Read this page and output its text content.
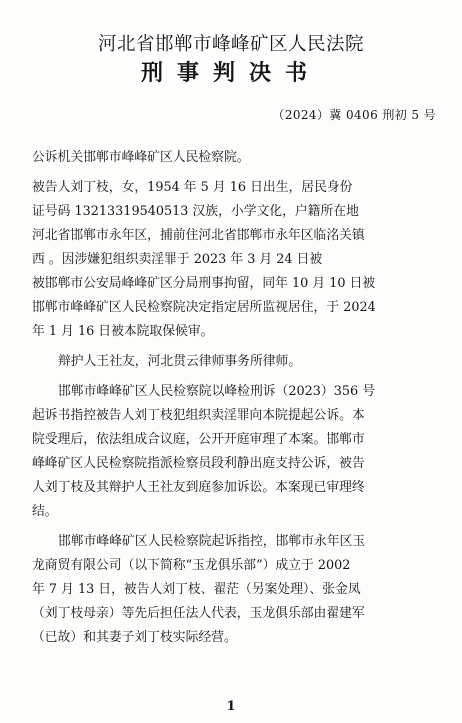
河北省邯郸市峰峰矿区人民法院
刑事判决书
（2024）冀 0406 刑初 5 号
公诉机关邯郸市峰峰矿区人民检察院。
被告人刘丁枝，女，1954 年 5 月 16 日出生，居民身份
证号码 13213319540513 汉族，小学文化，户籍所在地
河北省邯郸市永年区，捕前住河北省邯郸市永年区临洺关镇
西 。因涉嫌犯组织卖淫罪于 2023 年 3 月 24 日被
被邯郸市公安局峰峰矿区分局刑事拘留，同年 10 月 10 日被
邯郸市峰峰矿区人民检察院决定指定居所监视居住，于 2024
年 1 月 16 日被本院取保候审。
辩护人王社友，河北贯云律师事务所律师。
邯郸市峰峰矿区人民检察院以峰检刑诉（2023）356 号
起诉书指控被告人刘丁枝犯组织卖淫罪向本院提起公诉。本
院受理后，依法组成合议庭，公开开庭审理了本案。邯郸市
峰峰矿区人民检察院指派检察员段利静出庭支持公诉，被告
人刘丁枝及其辩护人王社友到庭参加诉讼。本案现已审理终
结。
邯郸市峰峰矿区人民检察院起诉指控，邯郸市永年区玉
龙商贸有限公司（以下简称“玉龙俱乐部”）成立于 2002
年 7 月 13 日，被告人刘丁枝、翟茫（另案处理）、张金凤
（刘丁枝母亲）等先后担任法人代表，玉龙俱乐部由翟建军
（已故）和其妻子刘丁枝实际经营。
1
